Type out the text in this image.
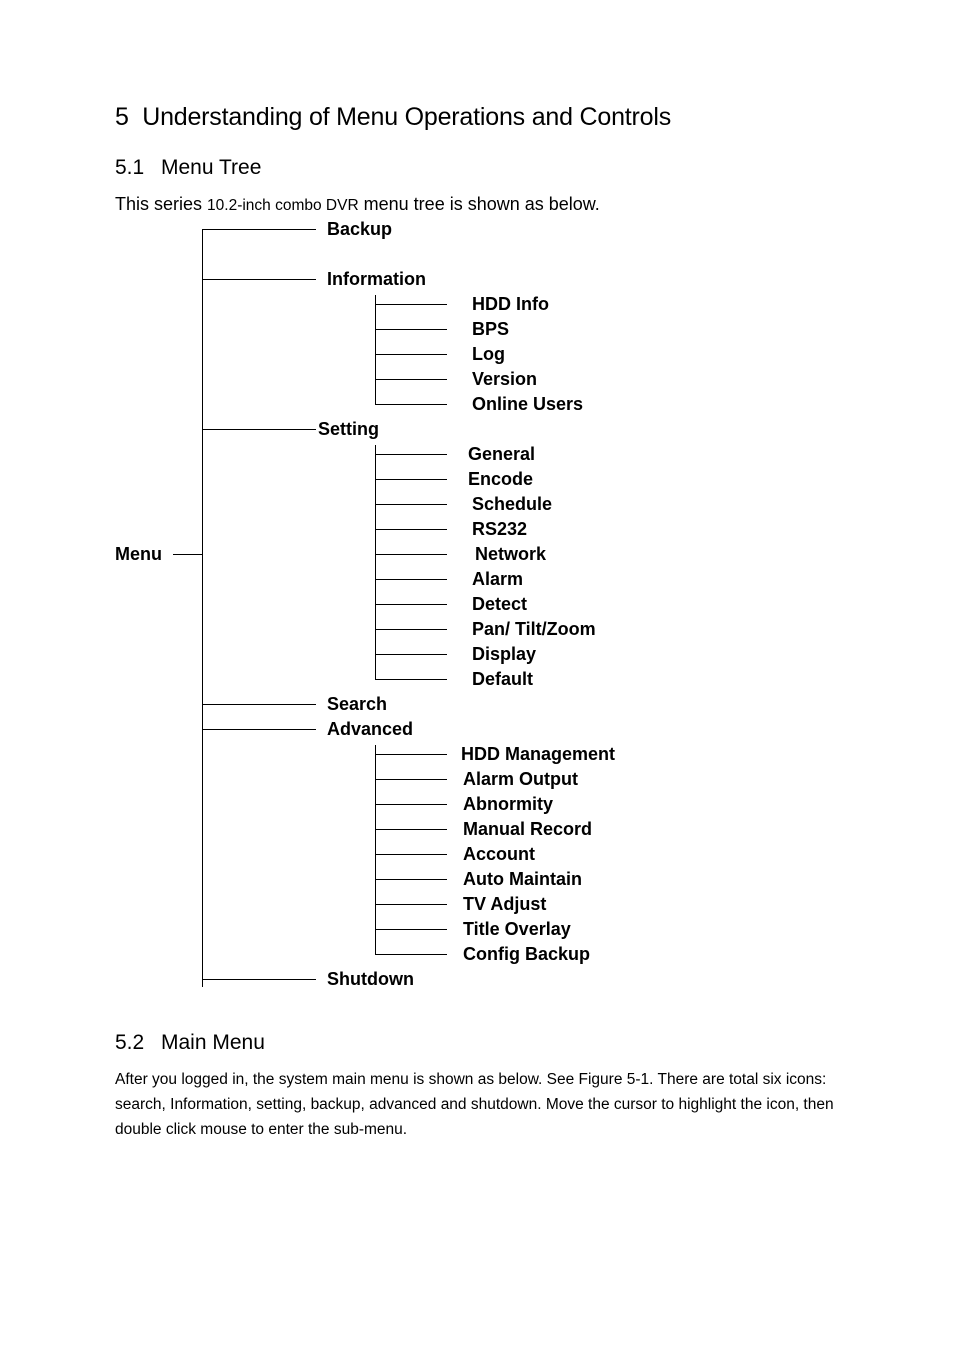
5 Understanding of Menu Operations and Controls
5.1 Menu Tree

This series 10.2-inch combo DVR menu tree is shown as below.

Backup
Information
HDD Info
BPS
Log
Version
Online Users
Setting
General
Encode
Schedule
RS232
Network
Alarm
Detect
Pan/ Tilt/Zoom
Display
Default
Search
Advanced
HDD Management
Alarm Output
Abnormity
Manual Record
Account
Auto Maintain
TV Adjust
Title Overlay
Config Backup
Shutdown
Menu
5.2 Main Menu

After you logged in, the system main menu is shown as below. See Figure 5-1. There are total six icons: search, Information, setting, backup, advanced and shutdown. Move the cursor to highlight the icon, then double click mouse to enter the sub-menu.
